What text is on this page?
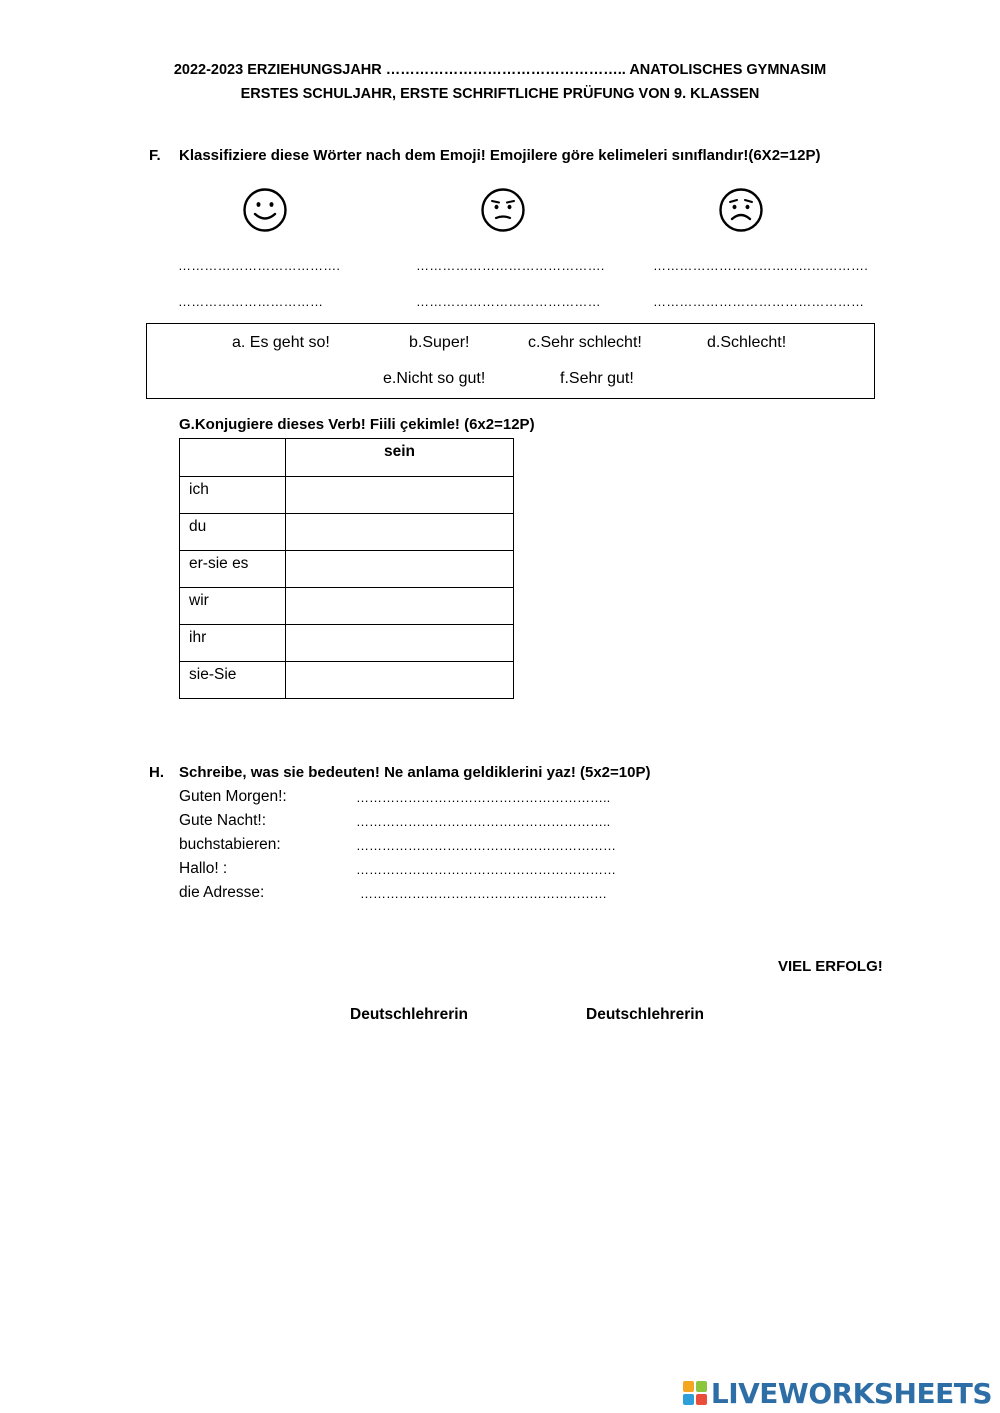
2022-2023 ERZIEHUNGSJAHR ………………………………………….. ANATOLISCHES GYMNASIM
ERSTES SCHULJAHR, ERSTE SCHRIFTLICHE PRÜFUNG VON 9. KLASSEN
F. Klassifiziere diese Wörter nach dem Emoji! Emojilere göre kelimeleri sınıflandır!(6X2=12P)
……………………………….	…………………………………….	………………………………………….
……………………………	……………………………………	…………………………………………
a. Es geht so!	b.Super!	c.Sehr schlecht!	d.Schlecht!
e.Nicht so gut!	f.Sehr gut!
G.Konjugiere dieses Verb! Fiili çekimle! (6x2=12P)
	sein
ich	
du	
er-sie es	
wir	
ihr	
sie-Sie	
H. Schreibe, was sie bedeuten! Ne anlama geldiklerini yaz! (5x2=10P)
Guten Morgen!:	…………………………………………………..
Gute Nacht!:	…………………………………………………..
buchstabieren:	……………………………………………………
Hallo! :	……………………………………………………
die Adresse:	…………………………………………………
VIEL ERFOLG!
Deutschlehrerin	Deutschlehrerin
LIVEWORKSHEETS
